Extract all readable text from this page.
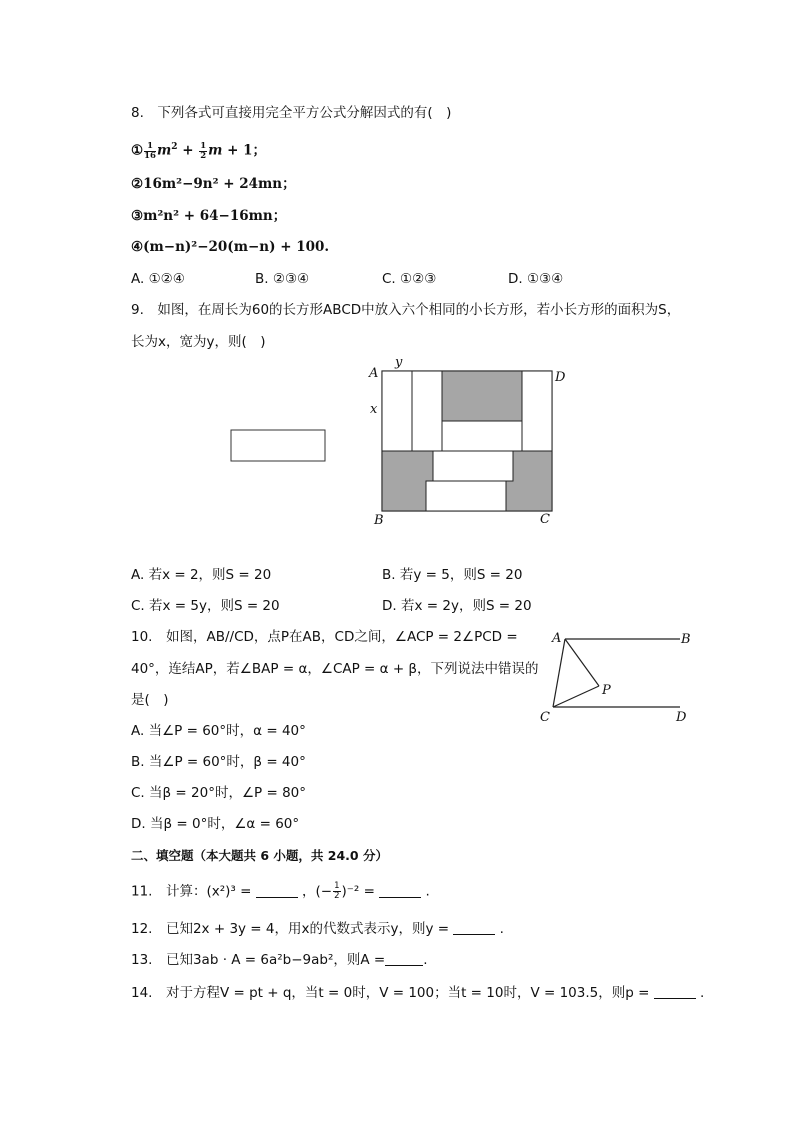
8.　下列各式可直接用完全平方公式分解因式的有(　)
① $\frac{1}{16} m^2 + \frac{1}{2}$ m + 1；
②16m²−9n² + 24mn；
③m²n² + 64−16mn；
④(m−n)²−20(m−n) + 100.
A. ①②④	B. ②③④	C. ①②③	D. ①③④
9.　如图，在周长为60的长方形ABCD中放入六个相同的小长方形，若小长方形的面积为S，
长为x，宽为y，则(　)
A	D
B	C
y
x
A. 若x = 2，则S = 20	B. 若y = 5，则S = 20
C. 若x = 5y，则S = 20	D. 若x = 2y，则S = 20
10.　如图，AB//CD，点P在AB，CD之间，∠ACP = 2∠PCD =
40°，连结AP，若∠BAP = α，∠CAP = α + β，下列说法中错误的
是(　)
A	B
C	D
P
A. 当∠P = 60°时，α = 40°
B. 当∠P = 60°时，β = 40°
C. 当β = 20°时，∠P = 80°
D. 当β = 0°时，∠α = 60°
二、填空题（本大题共 6 小题，共 24.0 分）
11.　计算：(x²)³ =	，(− $\frac{1}{2} )^{-2}$ =	.
12.　已知2x + 3y = 4，用x的代数式表示y，则y =	.
13.　已知3ab · A = 6a²b−9ab²，则A =	.
14.　对于方程V = pt + q，当t = 0时，V = 100；当t = 10时，V = 103.5，则p =	.
